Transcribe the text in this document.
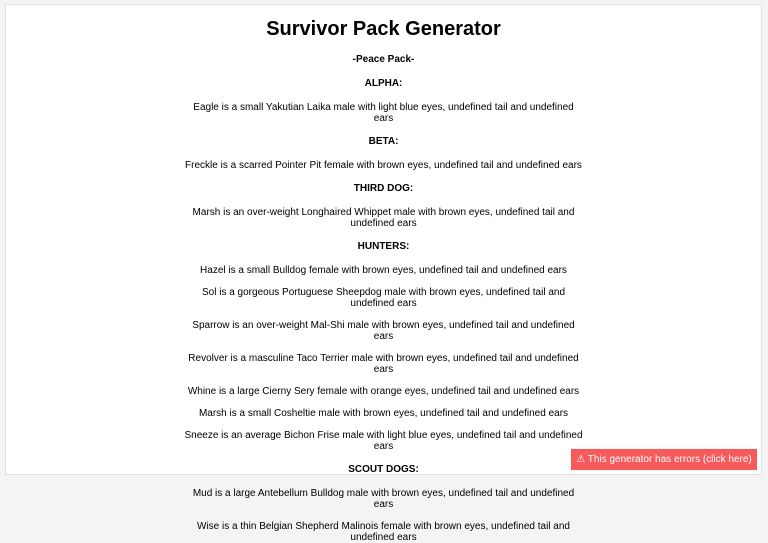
Survivor Pack Generator

-Peace Pack-

ALPHA:

Eagle is a small Yakutian Laika male with light blue eyes, undefined tail and undefined ears

BETA:

Freckle is a scarred Pointer Pit female with brown eyes, undefined tail and undefined ears

THIRD DOG:

Marsh is an over-weight Longhaired Whippet male with brown eyes, undefined tail and undefined ears

HUNTERS:

Hazel is a small Bulldog female with brown eyes, undefined tail and undefined ears

Sol is a gorgeous Portuguese Sheepdog male with brown eyes, undefined tail and undefined ears

Sparrow is an over-weight Mal-Shi male with brown eyes, undefined tail and undefined ears

Revolver is a masculine Taco Terrier male with brown eyes, undefined tail and undefined ears

Whine is a large Cierny Sery female with orange eyes, undefined tail and undefined ears

Marsh is a small Cosheltie male with brown eyes, undefined tail and undefined ears

Sneeze is an average Bichon Frise male with light blue eyes, undefined tail and undefined ears

SCOUT DOGS:

Mud is a large Antebellum Bulldog male with brown eyes, undefined tail and undefined ears

Wise is a thin Belgian Shepherd Malinois female with brown eyes, undefined tail and undefined ears

⚠ This generator has errors (click here) ⚠
